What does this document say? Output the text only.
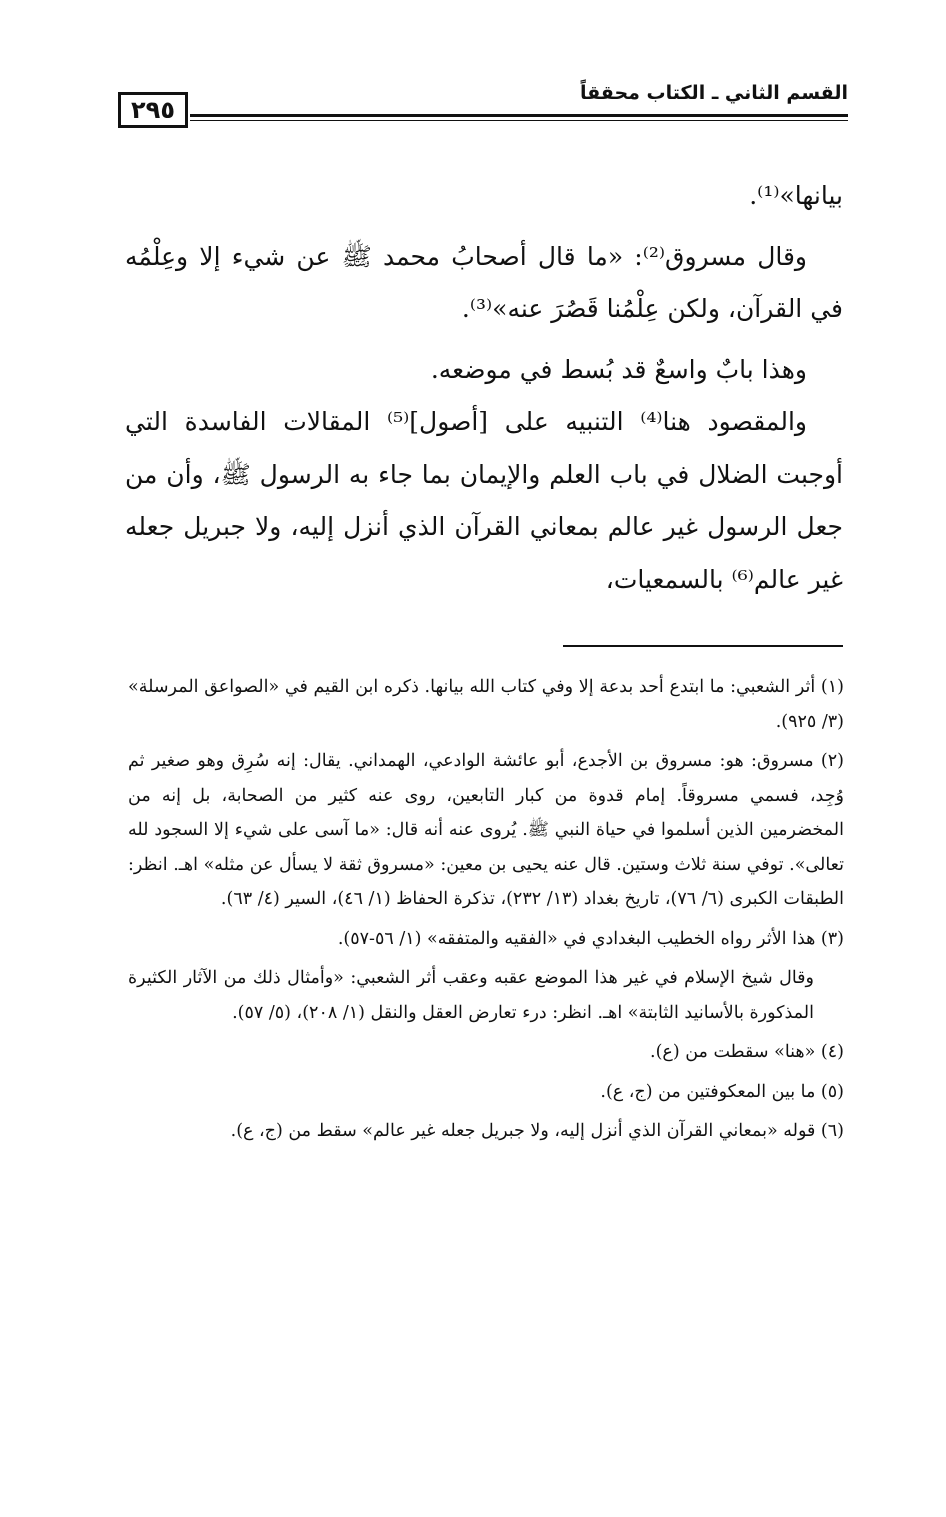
٢٩٥
القسم الثاني ـ الكتاب محققاً

بيانها»⁽¹⁾.

وقال مسروق⁽²⁾: «ما قال أصحابُ محمد ﷺ عن شيء إلا وعِلْمُه في القرآن، ولكن عِلْمُنا قَصُرَ عنه»⁽³⁾.

وهذا بابٌ واسعٌ قد بُسط في موضعه.

والمقصود هنا⁽⁴⁾ التنبيه على [أصول]⁽⁵⁾ المقالات الفاسدة التي أوجبت الضلال في باب العلم والإيمان بما جاء به الرسول ﷺ، وأن من جعل الرسول غير عالم بمعاني القرآن الذي أنزل إليه، ولا جبريل جعله غير عالم⁽⁶⁾ بالسمعيات،

(١) أثر الشعبي: ما ابتدع أحد بدعة إلا وفي كتاب الله بيانها. ذكره ابن القيم في «الصواعق المرسلة» (٣/ ٩٢٥).

(٢) مسروق: هو: مسروق بن الأجدع، أبو عائشة الوادعي، الهمداني. يقال: إنه سُرِق وهو صغير ثم وُجِد، فسمي مسروقاً. إمام قدوة من كبار التابعين، روى عنه كثير من الصحابة، بل إنه من المخضرمين الذين أسلموا في حياة النبي ﷺ. يُروى عنه أنه قال: «ما آسى على شيء إلا السجود لله تعالى». توفي سنة ثلاث وستين. قال عنه يحيى بن معين: «مسروق ثقة لا يسأل عن مثله» اهـ. انظر: الطبقات الكبرى (٦/ ٧٦)، تاريخ بغداد (١٣/ ٢٣٢)، تذكرة الحفاظ (١/ ٤٦)، السير (٤/ ٦٣).

(٣) هذا الأثر رواه الخطيب البغدادي في «الفقيه والمتفقه» (١/ ٥٦-٥٧).

وقال شيخ الإسلام في غير هذا الموضع عقبه وعقب أثر الشعبي: «وأمثال ذلك من الآثار الكثيرة المذكورة بالأسانيد الثابتة» اهـ. انظر: درء تعارض العقل والنقل (١/ ٢٠٨)، (٥/ ٥٧).

(٤) «هنا» سقطت من (ع).

(٥) ما بين المعكوفتين من (ج، ع).

(٦) قوله «بمعاني القرآن الذي أنزل إليه، ولا جبريل جعله غير عالم» سقط من (ج، ع).
